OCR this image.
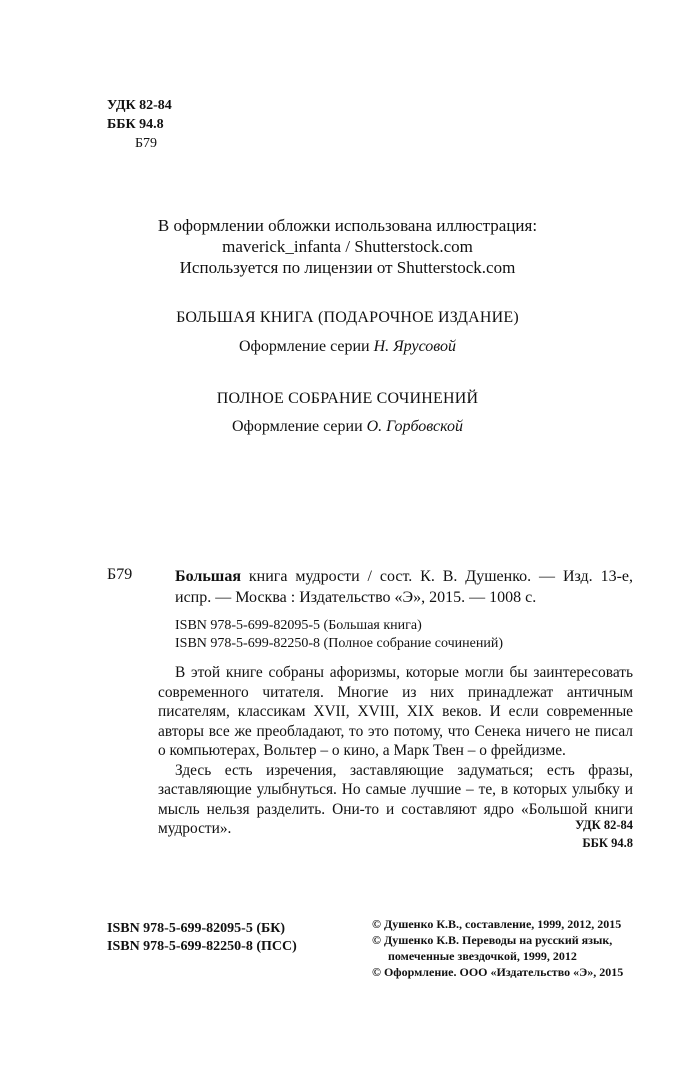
УДК 82-84
ББК 94.8
Б79
В оформлении обложки использована иллюстрация:
maverick_infanta / Shutterstock.com
Используется по лицензии от Shutterstock.com
БОЛЬШАЯ КНИГА (ПОДАРОЧНОЕ ИЗДАНИЕ)
Оформление серии Н. Ярусовой
ПОЛНОЕ СОБРАНИЕ СОЧИНЕНИЙ
Оформление серии О. Горбовской
Б79	Большая книга мудрости / сост. К. В. Душенко. — Изд. 13-е, испр. — Москва : Издательство «Э», 2015. — 1008 с.
ISBN 978-5-699-82095-5 (Большая книга)
ISBN 978-5-699-82250-8 (Полное собрание сочинений)

В этой книге собраны афоризмы, которые могли бы заинтересовать современного читателя. Многие из них принадлежат античным писателям, классикам XVII, XVIII, XIX веков. И если современные авторы все же преобладают, то это потому, что Сенека ничего не писал о компьютерах, Вольтер – о кино, а Марк Твен – о фрейдизме.

Здесь есть изречения, заставляющие задуматься; есть фразы, заставляющие улыбнуться. Но самые лучшие – те, в которых улыбку и мысль нельзя разделить. Они-то и составляют ядро «Большой книги мудрости».	УДК 82-84
ББК 94.8
ISBN 978-5-699-82095-5 (БК)
ISBN 978-5-699-82250-8 (ПСС)
© Душенко К.В., составление, 1999, 2012, 2015
© Душенко К.В. Переводы на русский язык,
помеченные звездочкой, 1999, 2012
© Оформление. ООО «Издательство «Э», 2015
